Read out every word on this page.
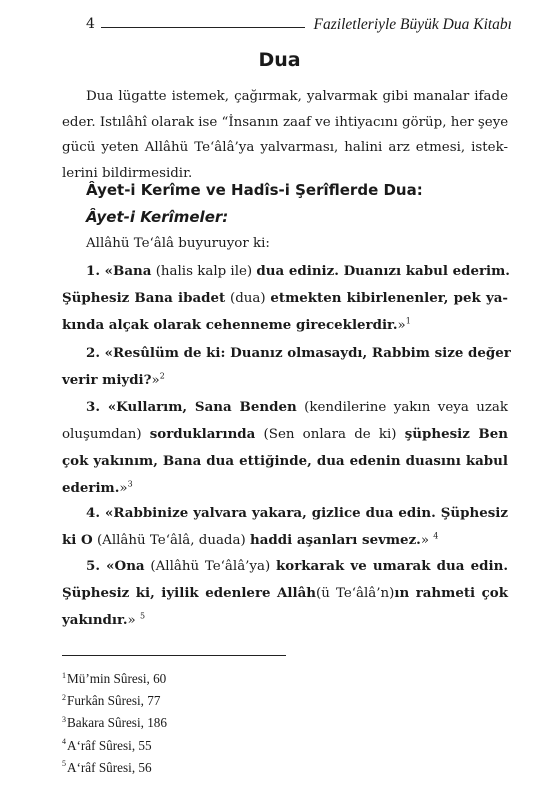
4	Faziletleriyle Büyük Dua Kitabı
Dua
Dua lügatte istemek, çağırmak, yalvarmak gibi manalar ifade
eder. Istılâhî olarak ise “İnsanın zaaf ve ihtiyacını görüp, her şeye
gücü yeten Allâhü Te‘âlâ’ya yalvarması, halini arz etmesi, istek-
lerini bildirmesidir.
Âyet-i Kerîme ve Hadîs-i Şerîflerde Dua:
Âyet-i Kerîmeler:
Allâhü Te‘âlâ buyuruyor ki:
1. «Bana (halis kalp ile) dua ediniz. Duanızı kabul ederim.
Şüphesiz Bana ibadet (dua) etmekten kibirlenenler, pek ya-
kında alçak olarak cehenneme gireceklerdir.»$^1$
2. «Resûlüm de ki: Duanız olmasaydı, Rabbim size değer
verir miydi?»$^2$
3. «Kullarım, Sana Benden (kendilerine yakın veya uzak
oluşumdan) sorduklarında (Sen onlara de ki) şüphesiz Ben
çok yakınım, Bana dua ettiğinde, dua edenin duasını kabul
ederim.»$^3$
4. «Rabbinize yalvara yakara, gizlice dua edin. Şüphesiz
ki O (Allâhü Te‘âlâ, duada) haddi aşanları sevmez.» $^4$
5. «Ona (Allâhü Te‘âlâ’ya) korkarak ve umarak dua edin.
Şüphesiz ki, iyilik edenlere Allâh(ü Te‘âlâ’n)ın rahmeti çok
yakındır.» $^5$
$^1$Mü’min Sûresi, 60
$^2$Furkân Sûresi, 77
$^3$Bakara Sûresi, 186
$^4$A‘râf Sûresi, 55
$^5$A‘râf Sûresi, 56
